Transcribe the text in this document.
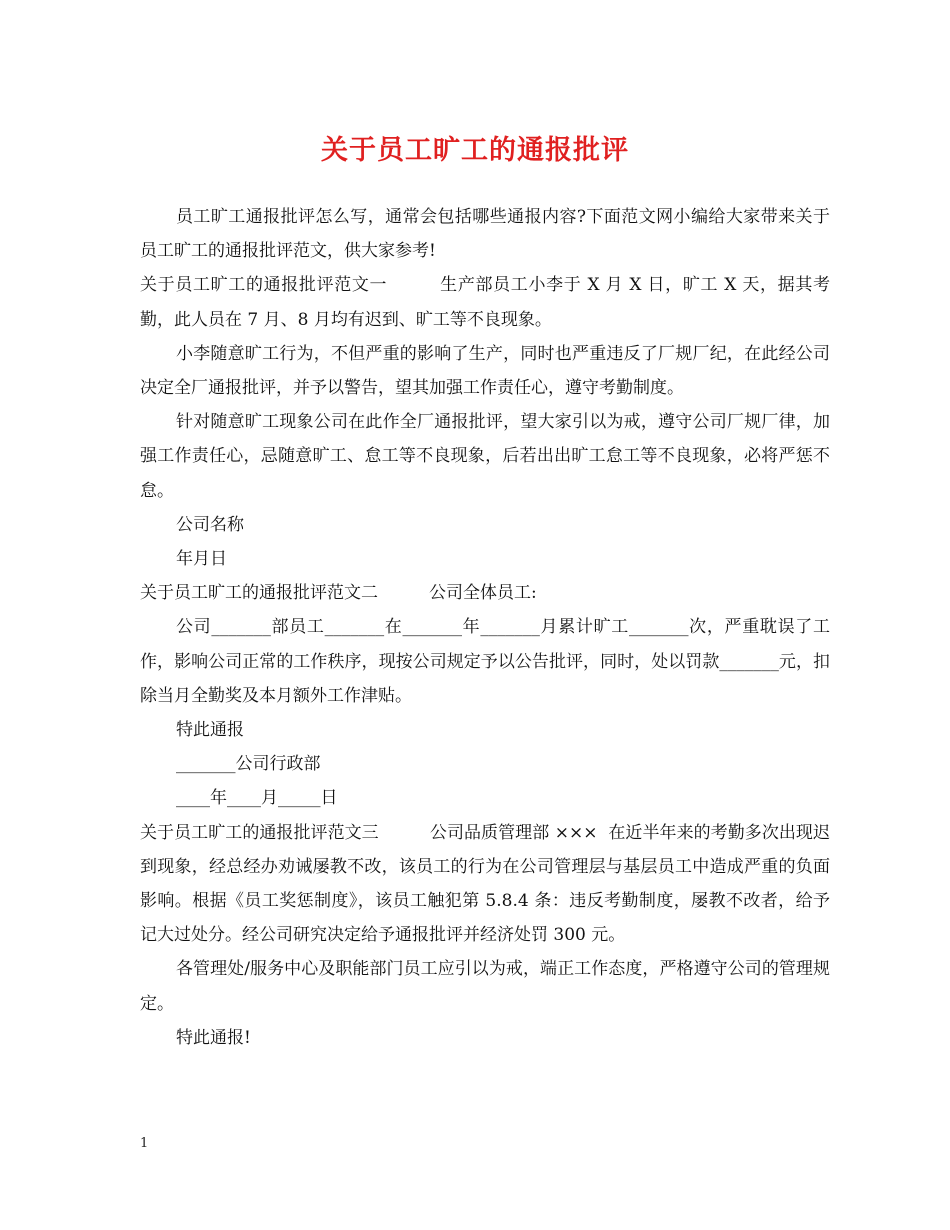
关于员工旷工的通报批评

员工旷工通报批评怎么写，通常会包括哪些通报内容?下面范文网小编给大家带来关于员工旷工的通报批评范文，供大家参考!

关于员工旷工的通报批评范文一　　　生产部员工小李于 X 月 X 日，旷工 X 天，据其考勤，此人员在 7 月、8 月均有迟到、旷工等不良现象。

小李随意旷工行为，不但严重的影响了生产，同时也严重违反了厂规厂纪，在此经公司决定全厂通报批评，并予以警告，望其加强工作责任心，遵守考勤制度。

针对随意旷工现象公司在此作全厂通报批评，望大家引以为戒，遵守公司厂规厂律，加强工作责任心，忌随意旷工、怠工等不良现象，后若出出旷工怠工等不良现象，必将严惩不怠。

公司名称

年月日

关于员工旷工的通报批评范文二　　　公司全体员工:

公司_______部员工_______在_______年_______月累计旷工_______次，严重耽误了工作，影响公司正常的工作秩序，现按公司规定予以公告批评，同时，处以罚款_______元，扣除当月全勤奖及本月额外工作津贴。

特此通报

_______公司行政部

____年____月_____日

关于员工旷工的通报批评范文三　　　公司品质管理部 ×××  在近半年来的考勤多次出现迟到现象，经总经办劝诫屡教不改，该员工的行为在公司管理层与基层员工中造成严重的负面影响。根据《员工奖惩制度》，该员工触犯第 5.8.4 条：违反考勤制度，屡教不改者，给予记大过处分。经公司研究决定给予通报批评并经济处罚 300 元。

各管理处/服务中心及职能部门员工应引以为戒，端正工作态度，严格遵守公司的管理规定。

特此通报!

1
